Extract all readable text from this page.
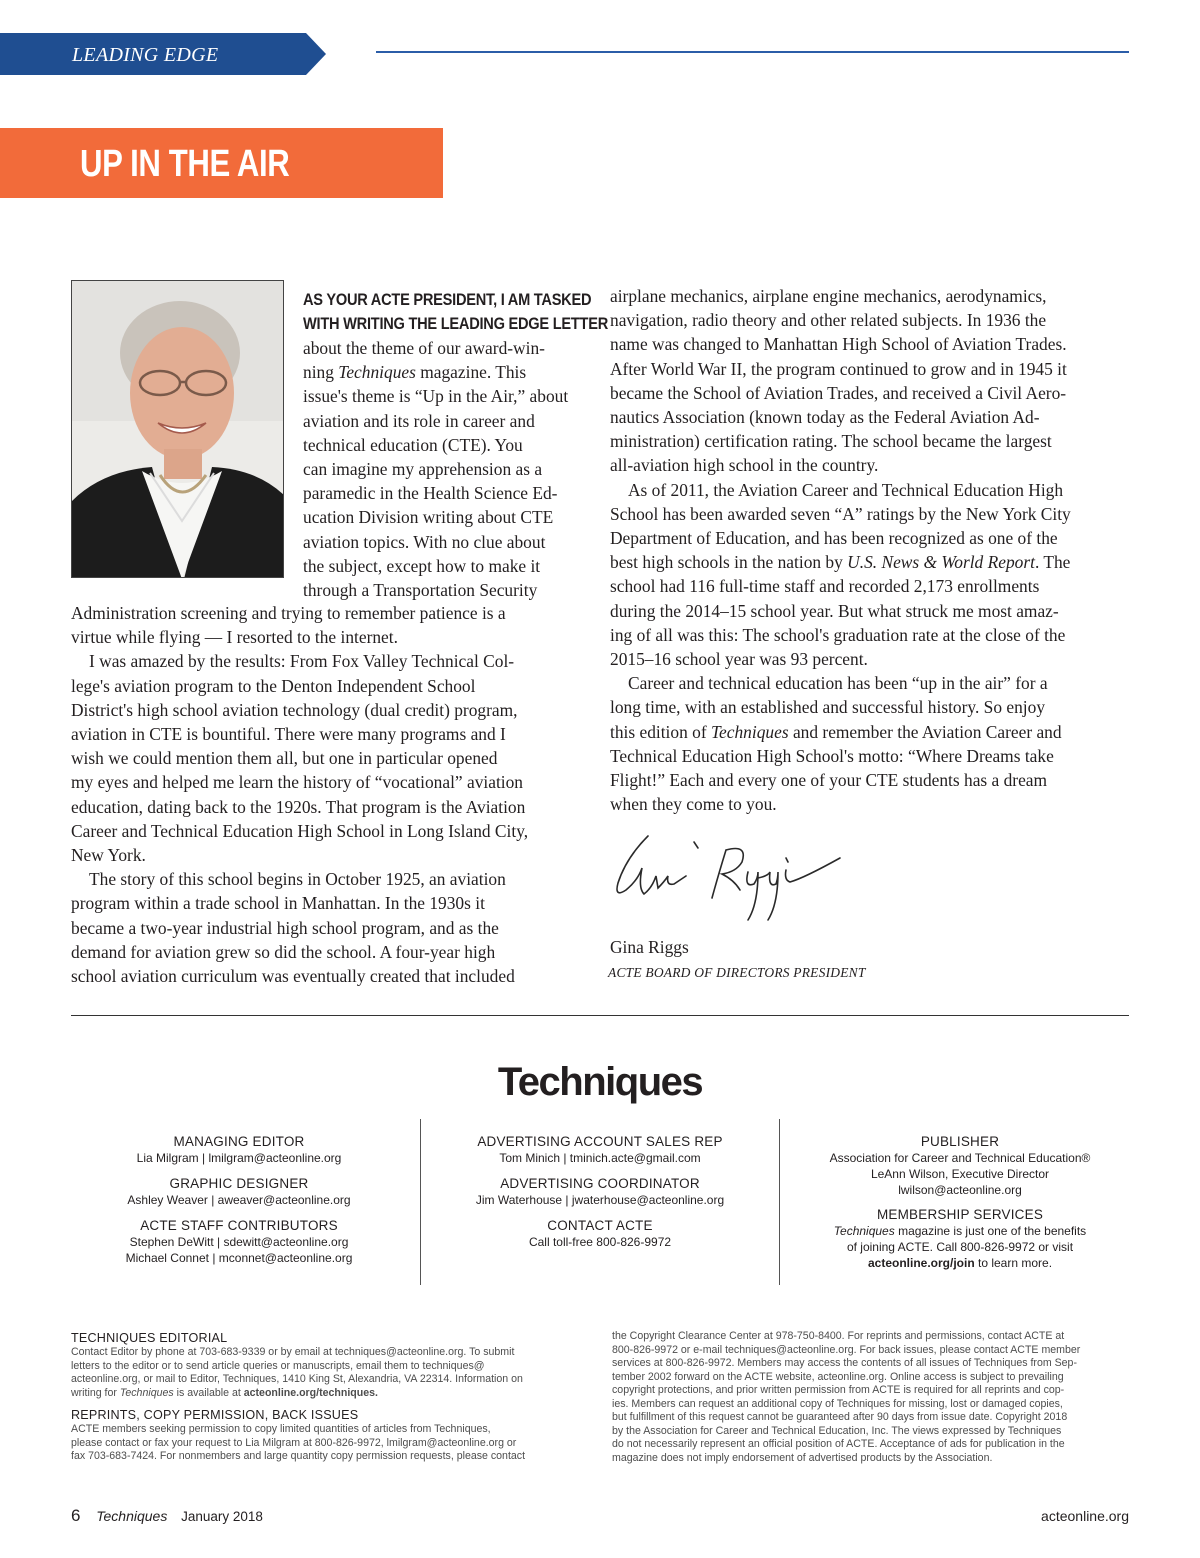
LEADING EDGE
UP IN THE AIR
AS YOUR ACTE PRESIDENT, I AM TASKED
WITH WRITING THE LEADING EDGE LETTER
about the theme of our award-win-
ning Techniques magazine. This
issue's theme is “Up in the Air,” about
aviation and its role in career and
technical education (CTE). You
can imagine my apprehension as a
paramedic in the Health Science Ed-
ucation Division writing about CTE
aviation topics. With no clue about
the subject, except how to make it
through a Transportation Security
Administration screening and trying to remember patience is a
virtue while flying — I resorted to the internet.
I was amazed by the results: From Fox Valley Technical Col-
lege's aviation program to the Denton Independent School
District's high school aviation technology (dual credit) program,
aviation in CTE is bountiful. There were many programs and I
wish we could mention them all, but one in particular opened
my eyes and helped me learn the history of “vocational” aviation
education, dating back to the 1920s. That program is the Aviation
Career and Technical Education High School in Long Island City,
New York.
The story of this school begins in October 1925, an aviation
program within a trade school in Manhattan. In the 1930s it
became a two-year industrial high school program, and as the
demand for aviation grew so did the school. A four-year high
school aviation curriculum was eventually created that included
airplane mechanics, airplane engine mechanics, aerodynamics,
navigation, radio theory and other related subjects. In 1936 the
name was changed to Manhattan High School of Aviation Trades.
After World War II, the program continued to grow and in 1945 it
became the School of Aviation Trades, and received a Civil Aero-
nautics Association (known today as the Federal Aviation Ad-
ministration) certification rating. The school became the largest
all-aviation high school in the country.
As of 2011, the Aviation Career and Technical Education High
School has been awarded seven “A” ratings by the New York City
Department of Education, and has been recognized as one of the
best high schools in the nation by U.S. News & World Report. The
school had 116 full-time staff and recorded 2,173 enrollments
during the 2014–15 school year. But what struck me most amaz-
ing of all was this: The school's graduation rate at the close of the
2015–16 school year was 93 percent.
Career and technical education has been “up in the air” for a
long time, with an established and successful history. So enjoy
this edition of Techniques and remember the Aviation Career and
Technical Education High School's motto: “Where Dreams take
Flight!” Each and every one of your CTE students has a dream
when they come to you.
Gina Riggs
ACTE BOARD OF DIRECTORS PRESIDENT
Techniques
MANAGING EDITOR
Lia Milgram | lmilgram@acteonline.org
GRAPHIC DESIGNER
Ashley Weaver | aweaver@acteonline.org
ACTE STAFF CONTRIBUTORS
Stephen DeWitt | sdewitt@acteonline.org
Michael Connet | mconnet@acteonline.org
ADVERTISING ACCOUNT SALES REP
Tom Minich | tminich.acte@gmail.com
ADVERTISING COORDINATOR
Jim Waterhouse | jwaterhouse@acteonline.org
CONTACT ACTE
Call toll-free 800-826-9972
PUBLISHER
Association for Career and Technical Education®
LeAnn Wilson, Executive Director
lwilson@acteonline.org
MEMBERSHIP SERVICES
Techniques magazine is just one of the benefits
of joining ACTE. Call 800-826-9972 or visit
acteonline.org/join to learn more.
TECHNIQUES EDITORIAL
Contact Editor by phone at 703-683-9339 or by email at techniques@acteonline.org. To submit
letters to the editor or to send article queries or manuscripts, email them to techniques@
acteonline.org, or mail to Editor, Techniques, 1410 King St, Alexandria, VA 22314. Information on
writing for Techniques is available at acteonline.org/techniques.
REPRINTS, COPY PERMISSION, BACK ISSUES
ACTE members seeking permission to copy limited quantities of articles from Techniques,
please contact or fax your request to Lia Milgram at 800-826-9972, lmilgram@acteonline.org or
fax 703-683-7424. For nonmembers and large quantity copy permission requests, please contact
the Copyright Clearance Center at 978-750-8400. For reprints and permissions, contact ACTE at
800-826-9972 or e-mail techniques@acteonline.org. For back issues, please contact ACTE member
services at 800-826-9972. Members may access the contents of all issues of Techniques from Sep-
tember 2002 forward on the ACTE website, acteonline.org. Online access is subject to prevailing
copyright protections, and prior written permission from ACTE is required for all reprints and cop-
ies. Members can request an additional copy of Techniques for missing, lost or damaged copies,
but fulfillment of this request cannot be guaranteed after 90 days from issue date. Copyright 2018
by the Association for Career and Technical Education, Inc. The views expressed by Techniques
do not necessarily represent an official position of ACTE. Acceptance of ads for publication in the
magazine does not imply endorsement of advertised products by the Association.
6 Techniques January 2018	acteonline.org
